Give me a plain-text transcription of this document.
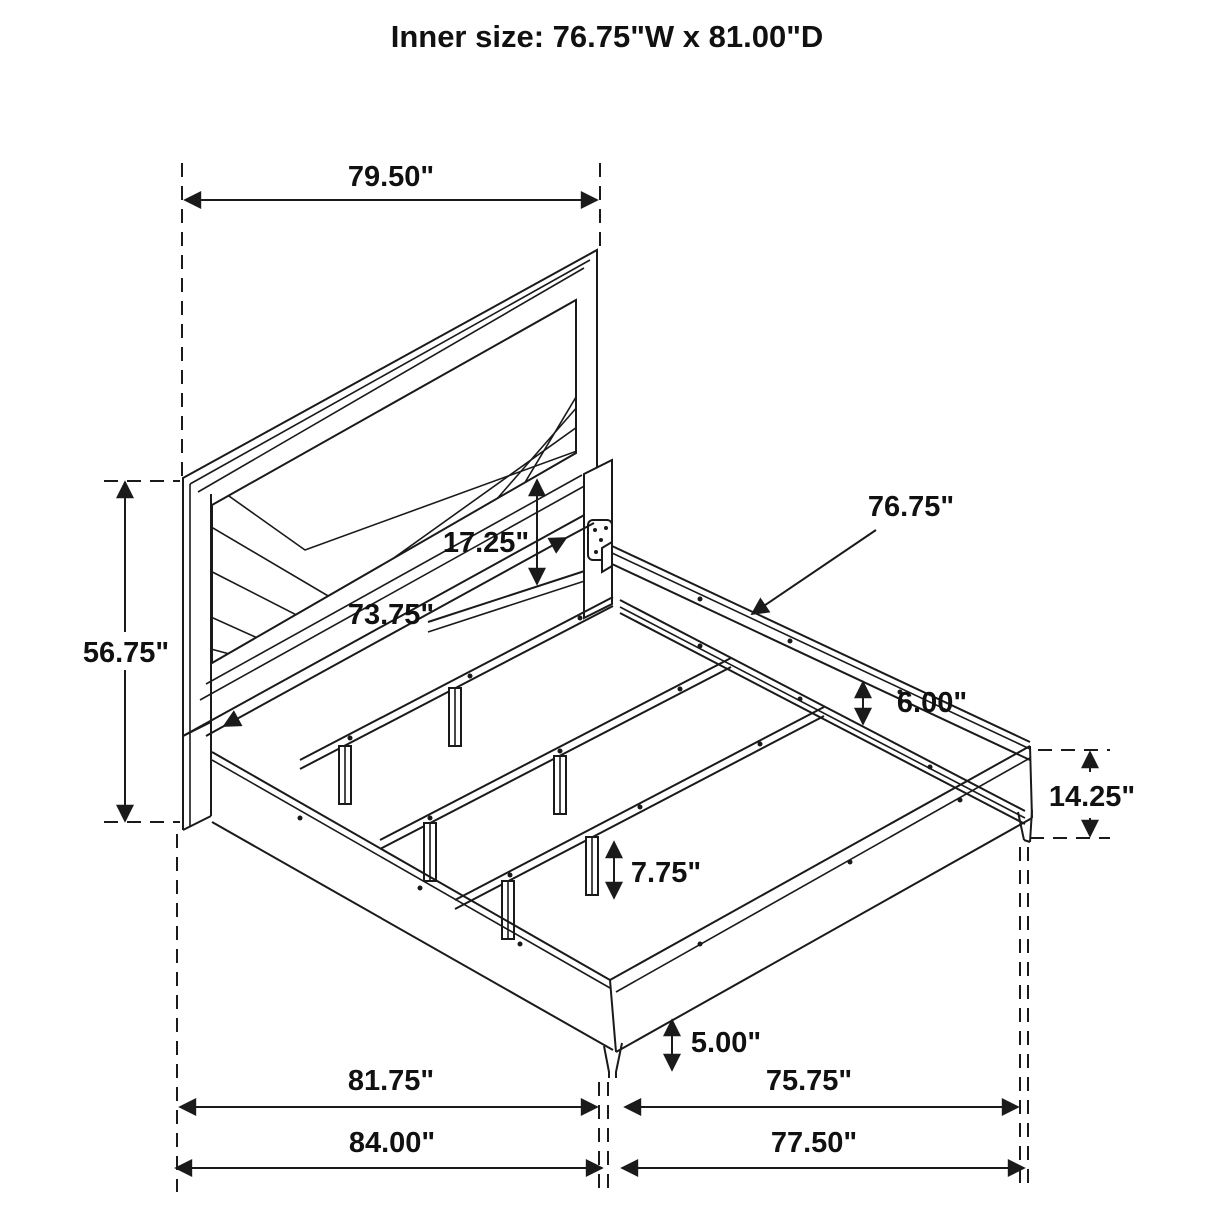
Inner size: 76.75"W x 81.00"D
79.50"
56.75"
17.25"
73.75"
76.75"
6.00"
14.25"
7.75"
5.00"
81.75"	75.75"
84.00"	77.50"
